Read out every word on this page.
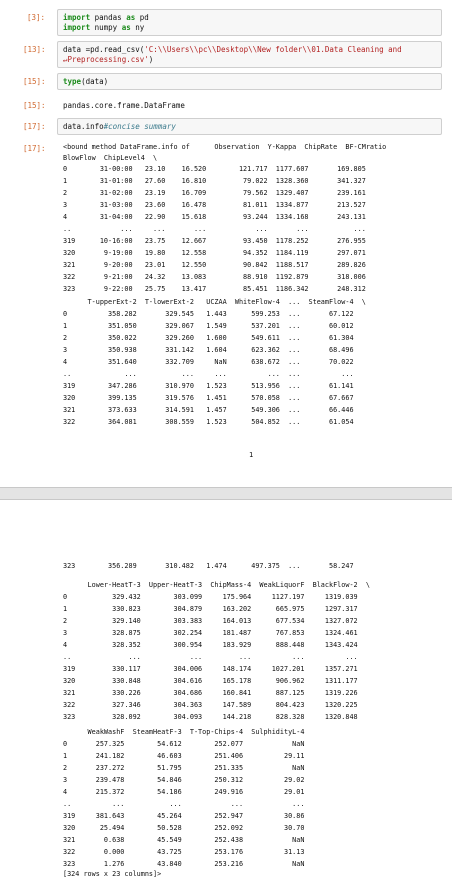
[3]: import pandas as pd
import numpy as ny
[13]: data =pd.read_csv('C:\\Users\\pc\\Desktop\\New folder\\01.Data Cleaning and
↵Preprocessing.csv')
[15]: type(data)
[15]: pandas.core.frame.DataFrame
[17]: data.info#concise summary
[17]:	<bound method DataFrame.info of      Observation  Y-Kappa  ChipRate  BF-CMratio
BlowFlow  ChipLevel4  \
0        31-00:00   23.10    16.520        121.717  1177.607       169.805
1        31-01:00   27.60    16.810         79.022  1328.360       341.327
2        31-02:00   23.19    16.709         79.562  1329.407       239.161
3        31-03:00   23.60    16.478         81.011  1334.877       213.527
4        31-04:00   22.90    15.618         93.244  1334.168       243.131
..            ...     ...       ...            ...       ...           ...
319      10-16:00   23.75    12.667         93.450  1178.252       276.955
320       9-19:00   19.80    12.558         94.352  1184.119       297.071
321       9-20:00   23.01    12.550         90.842  1188.517       289.826
322       9-21:00   24.32    13.083         88.910  1192.879       318.006
323       9-22:00   25.75    13.417         85.451  1186.342       248.312
T-upperExt-2  T-lowerExt-2   UCZAA  WhiteFlow-4  ...  SteamFlow-4  \
0          358.282       329.545   1.443      599.253  ...       67.122
1          351.050       329.067   1.549      537.201  ...       60.012
2          350.022       329.260   1.600      549.611  ...       61.304
3          350.938       331.142   1.604      623.362  ...       68.496
4          351.640       332.709     NaN      638.672  ...       70.022
..             ...           ...     ...          ...  ...          ...
319        347.286       310.970   1.523      513.956  ...       61.141
320        399.135       319.576   1.451      570.058  ...       67.667
321        373.633       314.591   1.457      549.306  ...       66.446
322        364.081       308.559   1.523      504.852  ...       61.054
1
323        356.289       310.482   1.474      497.375  ...       58.247
Lower-HeatT-3  Upper-HeatT-3  ChipMass-4  WeakLiquorF  BlackFlow-2  \
0           329.432        303.099     175.964     1127.197     1319.039
1           330.823        304.879     163.202      665.975     1297.317
2           329.140        303.383     164.013      677.534     1327.072
3           328.875        302.254     181.487      767.853     1324.461
4           328.352        300.954     183.929      888.448     1343.424
..              ...            ...         ...          ...          ...
319         330.117        304.006     148.174     1027.201     1357.271
320         330.848        304.616     165.178      906.962     1311.177
321         330.226        304.686     160.841      887.125     1319.226
322         327.346        304.363     147.589      804.423     1320.225
323         328.092        304.093     144.218      828.328     1320.848
WeakWashF  SteamHeatF-3  T-Top-Chips-4  SulphidityL-4
0       257.325        54.612        252.077            NaN
1       241.182        46.603        251.406          29.11
2       237.272        51.795        251.335            NaN
3       239.478        54.846        250.312          29.02
4       215.372        54.186        249.916          29.01
..          ...           ...            ...            ...
319     381.643        45.264        252.947          30.86
320      25.494        50.528        252.092          30.70
321       0.638        45.549        252.438            NaN
322       0.000        43.725        253.176          31.13
323       1.276        43.840        253.216            NaN
[324 rows x 23 columns]>
